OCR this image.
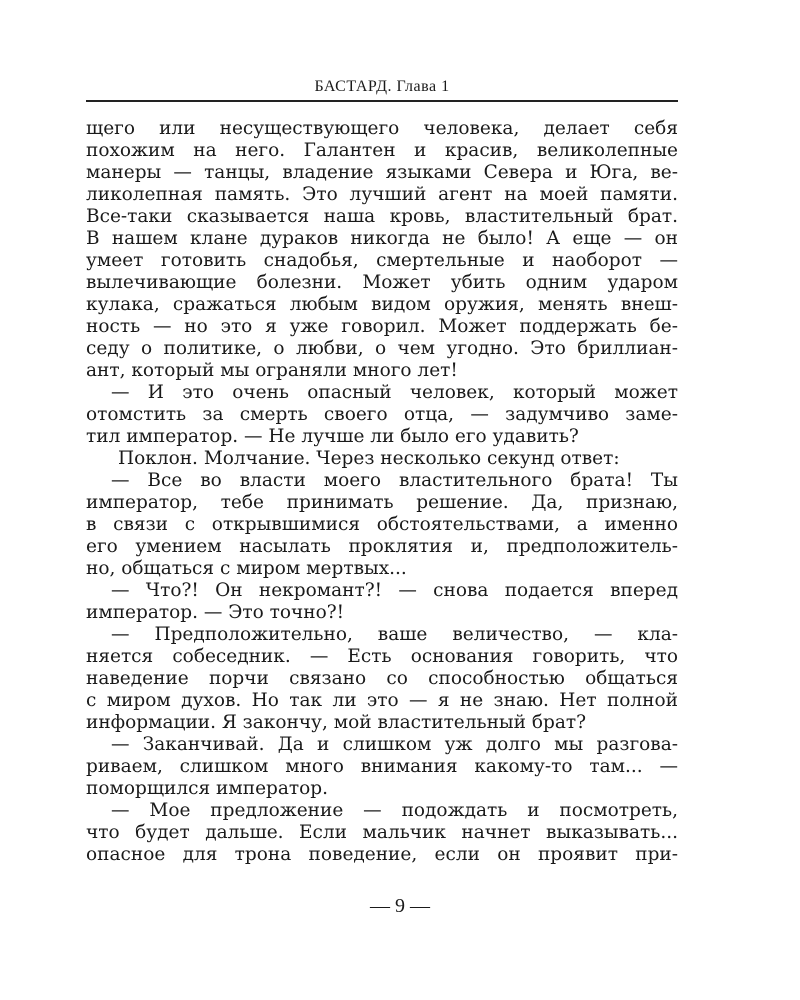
БАСТАРД. Глава 1
щего или несуществующего человека, делает себя
похожим на него. Галантен и красив, великолепные
манеры — танцы, владение языками Севера и Юга, ве-
ликолепная память. Это лучший агент на моей памяти.
Все-таки сказывается наша кровь, властительный брат.
В нашем клане дураков никогда не было! А еще — он
умеет готовить снадобья, смертельные и наоборот —
вылечивающие болезни. Может убить одним ударом
кулака, сражаться любым видом оружия, менять внеш-
ность — но это я уже говорил. Может поддержать бе-
седу о политике, о любви, о чем угодно. Это бриллиан-
ант, который мы ограняли много лет!
— И это очень опасный человек, который может
отомстить за смерть своего отца, — задумчиво заме-
тил император. — Не лучше ли было его удавить?
Поклон. Молчание. Через несколько секунд ответ:
— Все во власти моего властительного брата! Ты
император, тебе принимать решение. Да, признаю,
в связи с открывшимися обстоятельствами, а именно
его умением насылать проклятия и, предположитель-
но, общаться с миром мертвых...
— Что?! Он некромант?! — снова подается вперед
император. — Это точно?!
— Предположительно, ваше величество, — кла-
няется собеседник. — Есть основания говорить, что
наведение порчи связано со способностью общаться
с миром духов. Но так ли это — я не знаю. Нет полной
информации. Я закончу, мой властительный брат?
— Заканчивай. Да и слишком уж долго мы разгова-
риваем, слишком много внимания какому-то там... —
поморщился император.
— Мое предложение — подождать и посмотреть,
что будет дальше. Если мальчик начнет выказывать...
опасное для трона поведение, если он проявит при-
— 9 —
